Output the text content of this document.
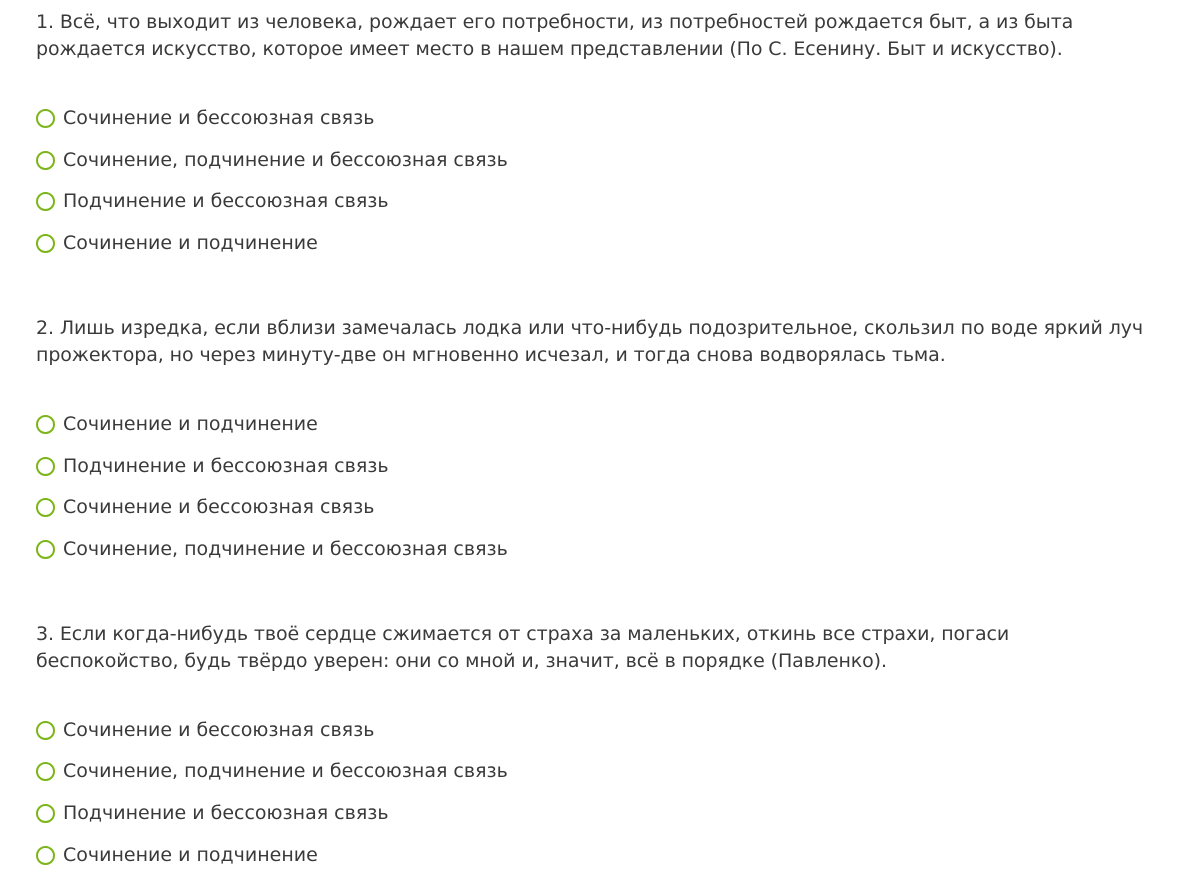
1. Всё, что выходит из человека, рождает его потребности, из потребностей рождается быт, а из быта рождается искусство, которое имеет место в нашем представлении (По С. Есенину. Быт и искусство).

Сочинение и бессоюзная связь
Сочинение, подчинение и бессоюзная связь
Подчинение и бессоюзная связь
Сочинение и подчинение

2. Лишь изредка, если вблизи замечалась лодка или что-нибудь подозрительное, скользил по воде яркий луч прожектора, но через минуту-две он мгновенно исчезал, и тогда снова водворялась тьма.

Сочинение и подчинение
Подчинение и бессоюзная связь
Сочинение и бессоюзная связь
Сочинение, подчинение и бессоюзная связь

3. Если когда-нибудь твоё сердце сжимается от страха за маленьких, откинь все страхи, погаси беспокойство, будь твёрдо уверен: они со мной и, значит, всё в порядке (Павленко).

Сочинение и бессоюзная связь
Сочинение, подчинение и бессоюзная связь
Подчинение и бессоюзная связь
Сочинение и подчинение
